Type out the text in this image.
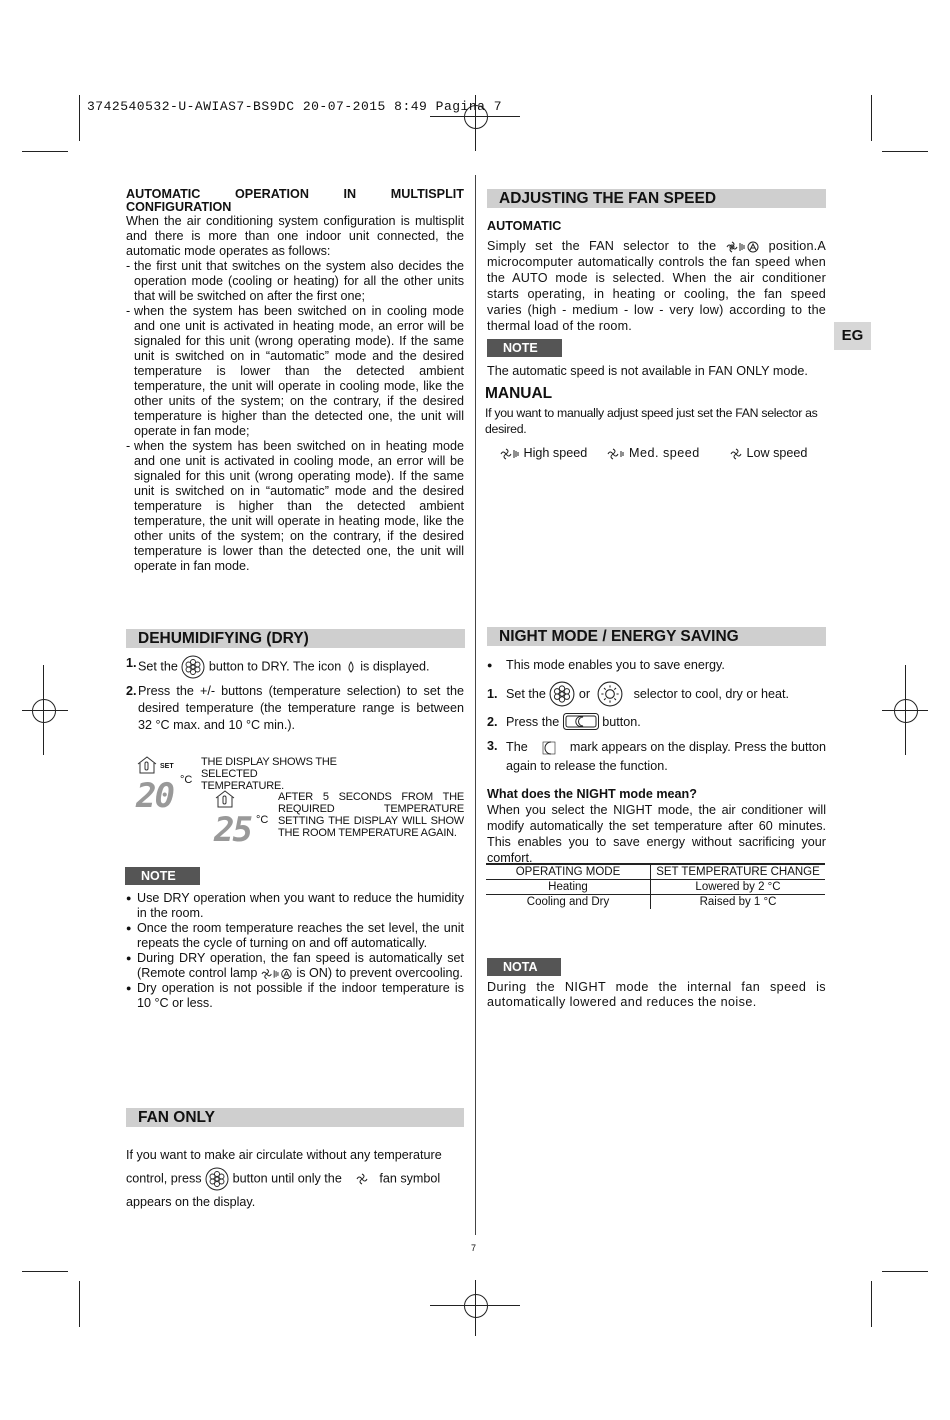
3742540532-U-AWIAS7-BS9DC 20-07-2015 8:49 Pagina 7
EG
AUTOMATIC	OPERATION	IN	MULTISPLIT
CONFIGURATION

When the air conditioning system configuration is multisplit and there is more than one indoor unit connected, the automatic mode operates as follows:

- the first unit that switches on the system also decides the operation mode (cooling or heating) for all the other units that will be switched on after the first one;
- when the system has been switched on in cooling mode and one unit is activated in heating mode, an error will be signaled for this unit (wrong operating mode). If the same unit is switched on in “automatic” mode and the desired temperature is lower than the detected ambient temperature, the unit will operate in cooling mode, like the other units of the system; on the contrary, if the desired temperature is higher than the detected one, the unit will operate in fan mode;
- when the system has been switched on in heating mode and one unit is activated in cooling mode, an error will be signaled for this unit (wrong operating mode). If the same unit is switched on in “automatic” mode and the desired temperature is higher than the detected ambient temperature, the unit will operate in heating mode, like the other units of the system; on the contrary, if the desired temperature is lower than the detected one, the unit will operate in fan mode.
ADJUSTING THE FAN SPEED
AUTOMATIC

Simply set the FAN selector to the	position.A microcomputer automatically controls the fan speed when the AUTO mode is selected. When the air conditioner starts operating, in heating or cooling, the fan speed varies (high - medium - low - very low) according to the thermal load of the room.

NOTE
The automatic speed is not available in FAN ONLY mode.
MANUAL
If you want to manually adjust speed just set the FAN selector as desired.
High speed	Med. speed	Low speed
DEHUMIDIFYING (DRY)
1. Set the button to DRY. The icon is displayed.
2. Press the +/- buttons (temperature selection) to set the desired temperature (the temperature range is between 32 °C max. and 10 °C min.).
SET
20 °C
THE DISPLAY SHOWS THE SELECTED TEMPERATURE.
25 °C
AFTER 5 SECONDS FROM THE REQUIRED TEMPERATURE SETTING THE DISPLAY WILL SHOW THE ROOM TEMPERATURE AGAIN.
NOTE
● Use DRY operation when you want to reduce the humidity in the room.
● Once the room temperature reaches the set level, the unit repeats the cycle of turning on and off automatically.
● During DRY operation, the fan speed is automatically set (Remote control lamp	is ON) to prevent overcooling.
● Dry operation is not possible if the indoor temperature is 10 °C or less.
FAN ONLY
If you want to make air circulate without any temperature control, press button until only the	fan symbol appears on the display.
NIGHT MODE / ENERGY SAVING
●	This mode enables you to save energy.
1. Set the

	or

	selector to cool, dry or heat.
2. Press the

	button.
3. The	mark appears on the display. Press the button again to release the function.
What does the NIGHT mode mean?

When you select the NIGHT mode, the air conditioner will modify automatically the set temperature after 60 minutes. This enables you to save energy without sacrificing your comfort.

OPERATING MODE	SET TEMPERATURE CHANGE
Heating	Lowered by 2 °C
Cooling and Dry	Raised by 1 °C
NOTA

During the NIGHT mode the internal fan speed is automatically lowered and reduces the noise.

7
